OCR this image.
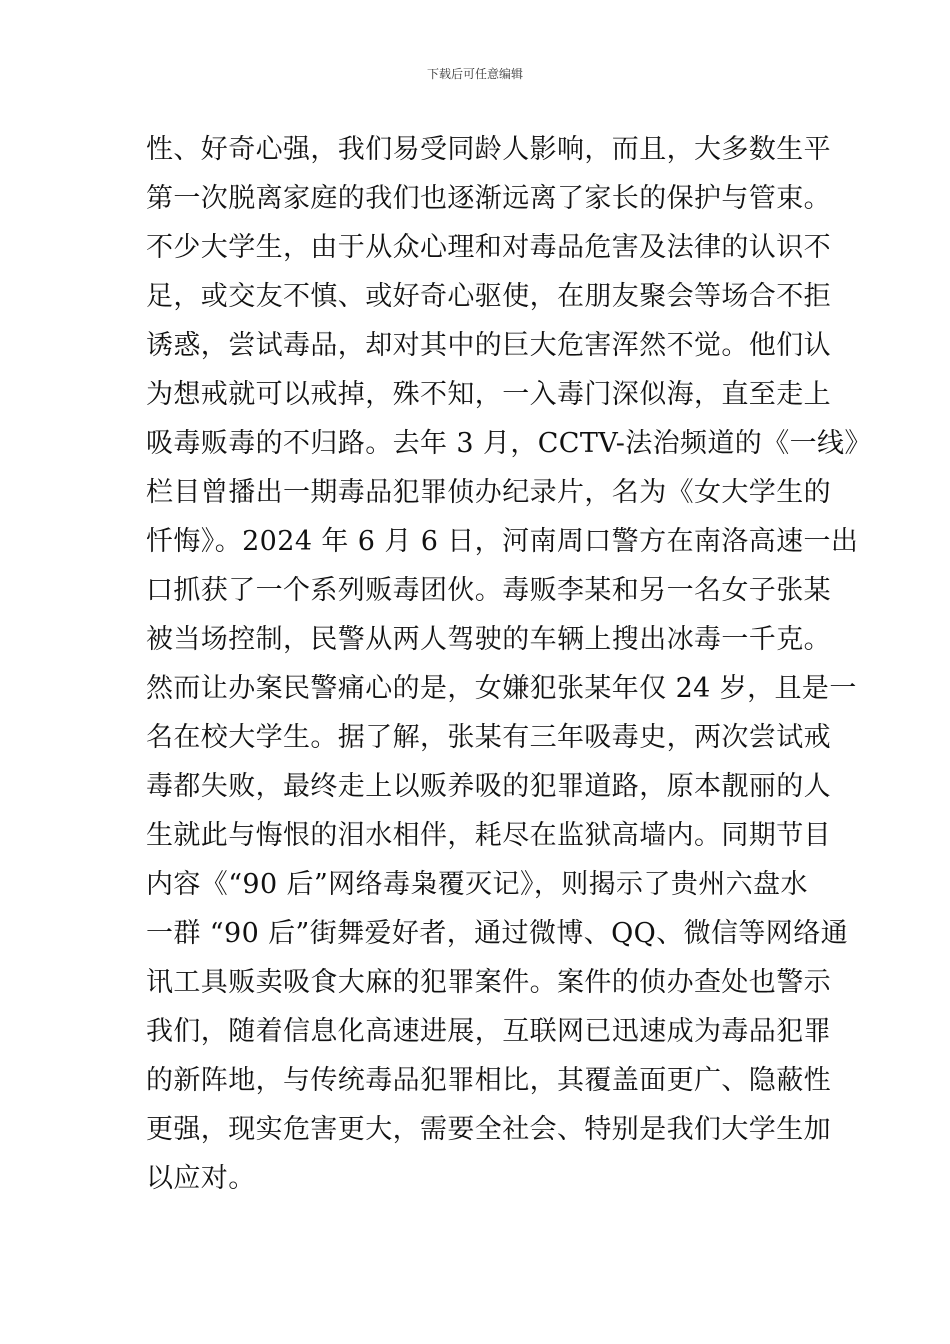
下载后可任意编辑
性、好奇心强，我们易受同龄人影响，而且，大多数生平
第一次脱离家庭的我们也逐渐远离了家长的保护与管束。
不少大学生，由于从众心理和对毒品危害及法律的认识不
足，或交友不慎、或好奇心驱使，在朋友聚会等场合不拒
诱惑，尝试毒品，却对其中的巨大危害浑然不觉。他们认
为想戒就可以戒掉，殊不知，一入毒门深似海，直至走上
吸毒贩毒的不归路。去年 3 月，CCTV-法治频道的《一线》
栏目曾播出一期毒品犯罪侦办纪录片，名为《女大学生的
忏悔》。2024 年 6 月 6 日，河南周口警方在南洛高速一出
口抓获了一个系列贩毒团伙。毒贩李某和另一名女子张某
被当场控制，民警从两人驾驶的车辆上搜出冰毒一千克。
然而让办案民警痛心的是，女嫌犯张某年仅 24 岁，且是一
名在校大学生。据了解，张某有三年吸毒史，两次尝试戒
毒都失败，最终走上以贩养吸的犯罪道路，原本靓丽的人
生就此与悔恨的泪水相伴，耗尽在监狱高墙内。同期节目
内容《“90 后”网络毒枭覆灭记》，则揭示了贵州六盘水
一群 “90 后”街舞爱好者，通过微博、QQ、微信等网络通
讯工具贩卖吸食大麻的犯罪案件。案件的侦办查处也警示
我们，随着信息化高速进展，互联网已迅速成为毒品犯罪
的新阵地，与传统毒品犯罪相比，其覆盖面更广、隐蔽性
更强，现实危害更大，需要全社会、特别是我们大学生加
以应对。
